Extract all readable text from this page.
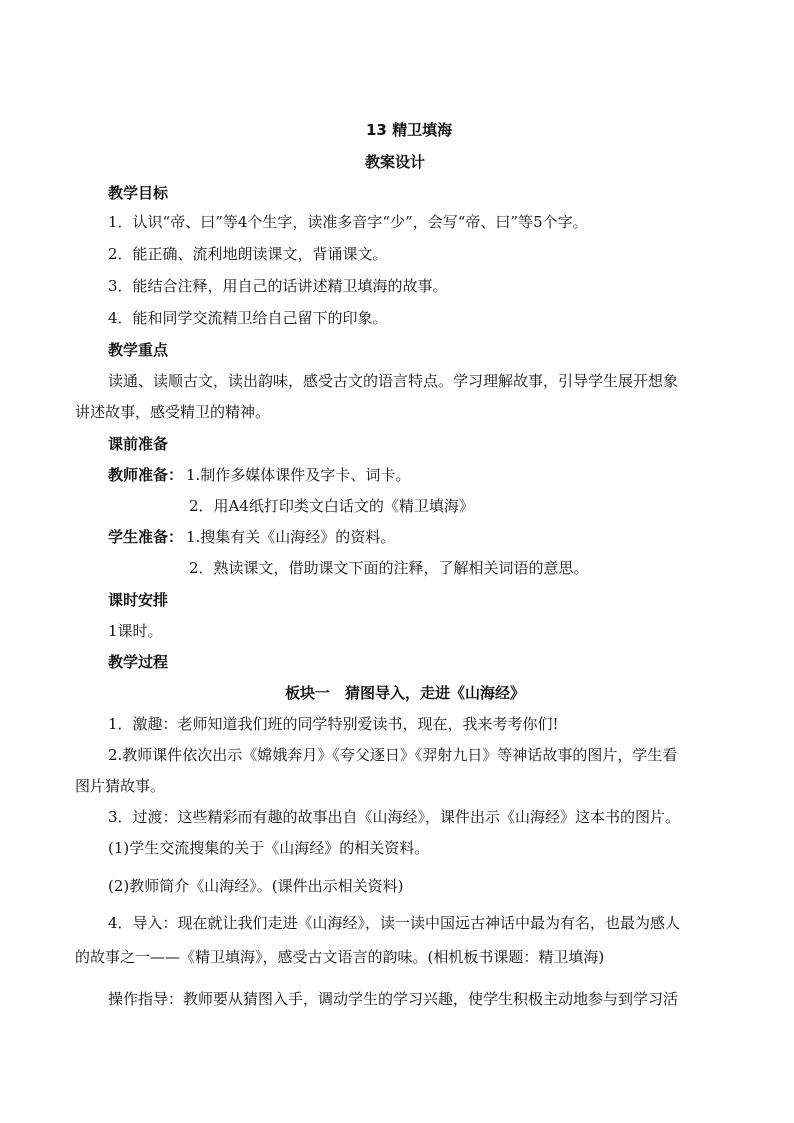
13 精卫填海
教案设计
教学目标
1．认识“帝、曰”等4个生字，读准多音字“少”，会写“帝、曰”等5个字。
2．能正确、流利地朗读课文，背诵课文。
3．能结合注释，用自己的话讲述精卫填海的故事。
4．能和同学交流精卫给自己留下的印象。
教学重点
读通、读顺古文，读出韵味，感受古文的语言特点。学习理解故事，引导学生展开想象
讲述故事，感受精卫的精神。
课前准备
教师准备： 1.制作多媒体课件及字卡、词卡。
2．用A4纸打印类文白话文的《精卫填海》
学生准备： 1.搜集有关《山海经》的资料。
2．熟读课文，借助课文下面的注释，了解相关词语的意思。
课时安排
1课时。
教学过程
板块一　猜图导入，走进《山海经》
1．激趣：老师知道我们班的同学特别爱读书，现在，我来考考你们!
2.教师课件依次出示《嫦娥奔月》《夸父逐日》《羿射九日》等神话故事的图片，学生看
图片猜故事。
3．过渡：这些精彩而有趣的故事出自《山海经》，课件出示《山海经》这本书的图片。
(1)学生交流搜集的关于《山海经》的相关资料。
(2)教师简介《山海经》。(课件出示相关资料)
4．导入：现在就让我们走进《山海经》，读一读中国远古神话中最为有名，也最为感人
的故事之一——《精卫填海》，感受古文语言的韵味。(相机板书课题：精卫填海)
操作指导：教师要从猜图入手，调动学生的学习兴趣，使学生积极主动地参与到学习活
